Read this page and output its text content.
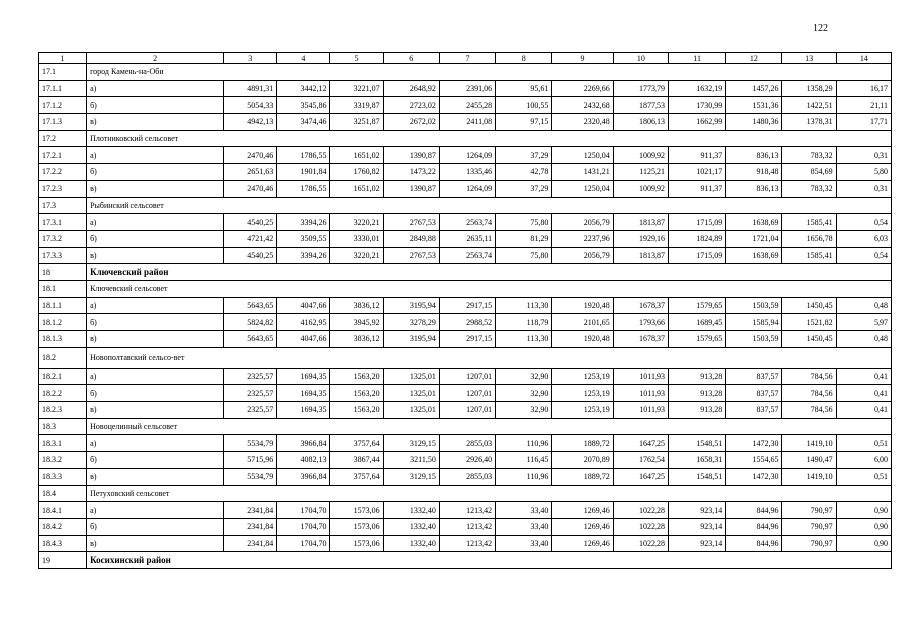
122
1	2	3	4	5	6	7	8	9	10	11	12	13	14
17.1	город Камень-на-Оби												
17.1.1	а)	4891,31	3442,12	3221,07	2648,92	2391,06	95,61	2269,66	1773,79	1632,19	1457,26	1358,29	16,17
17.1.2	б)	5054,33	3545,86	3319,87	2723,02	2455,28	100,55	2432,68	1877,53	1730,99	1531,36	1422,51	21,11
17.1.3	в)	4942,13	3474,46	3251,87	2672,02	2411,08	97,15	2320,48	1806,13	1662,99	1480,36	1378,31	17,71
17.2	Плотниковский сельсовет												
17.2.1	а)	2470,46	1786,55	1651,02	1390,87	1264,09	37,29	1250,04	1009,92	911,37	836,13	783,32	0,31
17.2.2	б)	2651,63	1901,84	1760,82	1473,22	1335,46	42,78	1431,21	1125,21	1021,17	918,48	854,69	5,80
17.2.3	в)	2470,46	1786,55	1651,02	1390,87	1264,09	37,29	1250,04	1009,92	911,37	836,13	783,32	0,31
17.3	Рыбинский сельсовет												
17.3.1	а)	4540,25	3394,26	3220,21	2767,53	2563,74	75,80	2056,79	1813,87	1715,09	1638,69	1585,41	0,54
17.3.2	б)	4721,42	3509,55	3330,01	2849,88	2635,11	81,29	2237,96	1929,16	1824,89	1721,04	1656,78	6,03
17.3.3	в)	4540,25	3394,26	3220,21	2767,53	2563,74	75,80	2056,79	1813,87	1715,09	1638,69	1585,41	0,54
18	Ключевский район												
18.1	Ключевский сельсовет												
18.1.1	а)	5643,65	4047,66	3836,12	3195,94	2917,15	113,30	1920,48	1678,37	1579,65	1503,59	1450,45	0,48
18.1.2	б)	5824,82	4162,95	3945,92	3278,29	2988,52	118,79	2101,65	1793,66	1689,45	1585,94	1521,82	5,97
18.1.3	в)	5643,65	4047,66	3836,12	3195,94	2917,15	113,30	1920,48	1678,37	1579,65	1503,59	1450,45	0,48
18.2	Новополтавский сельсо-вет												
18.2.1	а)	2325,57	1694,35	1563,20	1325,01	1207,01	32,90	1253,19	1011,93	913,28	837,57	784,56	0,41
18.2.2	б)	2325,57	1694,35	1563,20	1325,01	1207,01	32,90	1253,19	1011,93	913,28	837,57	784,56	0,41
18.2.3	в)	2325,57	1694,35	1563,20	1325,01	1207,01	32,90	1253,19	1011,93	913,28	837,57	784,56	0,41
18.3	Новоцелинный сельсовет												
18.3.1	а)	5534,79	3966,84	3757,64	3129,15	2855,03	110,96	1889,72	1647,25	1548,51	1472,30	1419,10	0,51
18.3.2	б)	5715,96	4082,13	3867,44	3211,50	2926,40	116,45	2070,89	1762,54	1658,31	1554,65	1490,47	6,00
18.3.3	в)	5534,79	3966,84	3757,64	3129,15	2855,03	110,96	1889,72	1647,25	1548,51	1472,30	1419,10	0,51
18.4	Петуховский сельсовет												
18.4.1	а)	2341,84	1704,70	1573,06	1332,40	1213,42	33,40	1269,46	1022,28	923,14	844,96	790,97	0,90
18.4.2	б)	2341,84	1704,70	1573,06	1332,40	1213,42	33,40	1269,46	1022,28	923,14	844,96	790,97	0,90
18.4.3	в)	2341,84	1704,70	1573,06	1332,40	1213,42	33,40	1269,46	1022,28	923,14	844,96	790,97	0,90
19	Косихинский район												
